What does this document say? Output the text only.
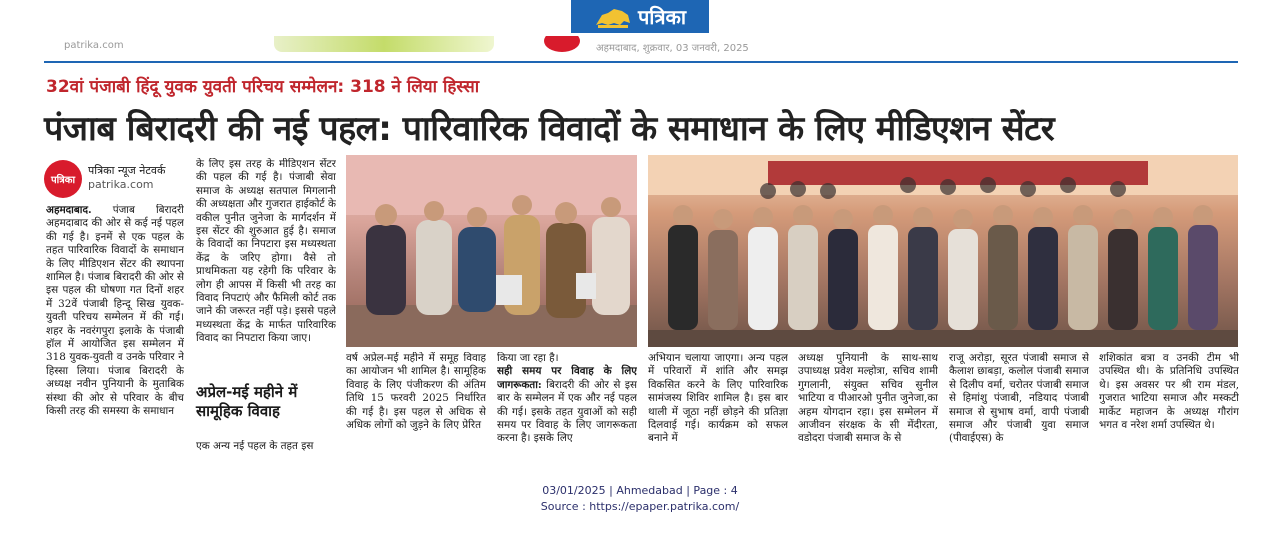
पत्रिका
patrika.com	अहमदाबाद, शुक्रवार, 03 जनवरी, 2025
32वां पंजाबी हिंदू युवक युवती परिचय सम्मेलन: 318 ने लिया हिस्सा
पंजाब बिरादरी की नई पहल: पारिवारिक विवादों के समाधान के लिए मीडिएशन सेंटर
पत्रिका
पत्रिका न्यूज नेटवर्क
patrika.com
अहमदाबाद. पंजाब बिरादरी अहमदाबाद की ओर से कई नई पहल की गई है। इनमें से एक पहल के तहत पारिवारिक विवादों के समाधान के लिए मीडिएशन सेंटर की स्थापना शामिल है। पंजाब बिरादरी की ओर से इस पहल की घोषणा गत दिनों शहर में 32वें पंजाबी हिन्दू सिख युवक-युवती परिचय सम्मेलन में की गई। शहर के नवरंगपुरा इलाके के पंजाबी हॉल में आयोजित इस सम्मेलन में 318 युवक-युवती व उनके परिवार ने हिस्सा लिया। पंजाब बिरादरी के अध्यक्ष नवीन पुनियानी के मुताबिक संस्था की ओर से परिवार के बीच किसी तरह की समस्या के समाधान
के लिए इस तरह के मीडिएशन सेंटर की पहल की गई है। पंजाबी सेवा समाज के अध्यक्ष सतपाल मिगलानी की अध्यक्षता और गुजरात हाईकोर्ट के वकील पुनीत जुनेजा के मार्गदर्शन में इस सेंटर की शुरुआत हुई है। समाज के विवादों का निपटारा इस मध्यस्थता केंद्र के जरिए होगा। वैसे तो प्राथमिकता यह रहेगी कि परिवार के लोग ही आपस में किसी भी तरह का विवाद निपटाएं और फैमिली कोर्ट तक जाने की जरूरत नहीं पड़े। इससे पहले मध्यस्थता केंद्र के मार्फत पारिवारिक विवाद का निपटारा किया जाए।
अप्रेल-मई महीने में सामूहिक विवाह
एक अन्य नई पहल के तहत इस
वर्ष अप्रेल-मई महीने में समूह विवाह का आयोजन भी शामिल है। सामूहिक विवाह के लिए पंजीकरण की अंतिम तिथि 15 फरवरी 2025 निर्धारित की गई है। इस पहल से अधिक से अधिक लोगों को जुड़ने के लिए प्रेरित
किया जा रहा है।
सही समय पर विवाह के लिए जागरूकता: बिरादरी की ओर से इस बार के सम्मेलन में एक और नई पहल की गई। इसके तहत युवाओं को सही समय पर विवाह के लिए जागरूकता करना है। इसके लिए
अभियान चलाया जाएगा। अन्य पहल में परिवारों में शांति और समझ विकसित करने के लिए पारिवारिक सामंजस्य शिविर शामिल है। इस बार थाली में जूठा नहीं छोड़ने की प्रतिज्ञा दिलवाई गई। कार्यक्रम को सफल बनाने में
अध्यक्ष पुनियानी के साथ-साथ उपाध्यक्ष प्रवेश मल्होत्रा, सचिव शामी गुगलानी, संयुक्त सचिव सुनील भाटिया व पीआरओ पुनीत जुनेजा,का अहम योगदान रहा। इस सम्मेलन में आजीवन संरक्षक के सी मेंदीरता, वडोदरा पंजाबी समाज के से
राजू अरोड़ा, सूरत पंजाबी समाज से कैलाश छाबड़ा, कलोल पंजाबी समाज से दिलीप वर्मा, चरोतर पंजाबी समाज से हिमांशु पंजाबी, नडियाद पंजाबी समाज से सुभाष वर्मा, वापी पंजाबी समाज और पंजाबी युवा समाज (पीवाईएस) के
शशिकांत बत्रा व उनकी टीम भी उपस्थित थी। के प्रतिनिधि उपस्थित थे। इस अवसर पर श्री राम मंडल, गुजरात भाटिया समाज और मस्कटी मार्केट महाजन के अध्यक्ष गौरांग भगत व नरेश शर्मा उपस्थित थे।
03/01/2025 | Ahmedabad | Page : 4
Source : https://epaper.patrika.com/
